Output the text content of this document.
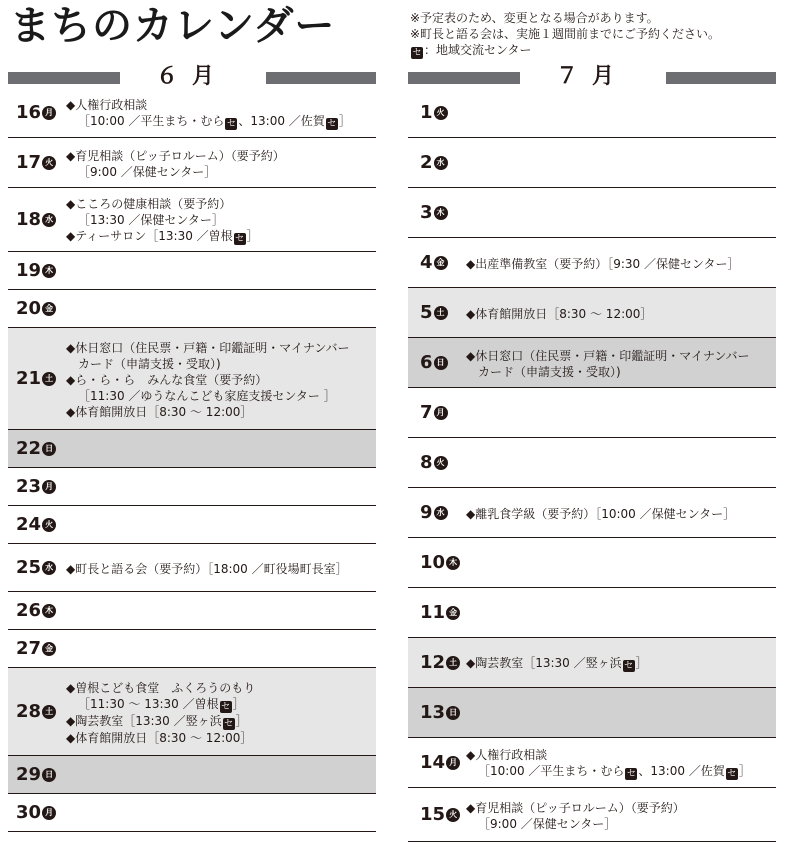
まちのカレンダー	※予定表のため、変更となる場合があります。
※町長と語る会は、実施１週間前までにご予約ください。
セ ：地域交流センター
６月
16 月 ◆人権行政相談
［10:00 ／平生まち・むら セ 、13:00 ／佐賀 セ ］
17 火 ◆育児相談（ピッ子ロルーム）（要予約）
［9:00 ／保健センター］
18 水
◆こころの健康相談（要予約）
［13:30 ／保健センター］
◆ティーサロン［13:30 ／曽根 セ ］
19 木
20 金
21 土
◆休日窓口（住民票・戸籍・印鑑証明・マイナンバー
カード（申請支援・受取）)
◆ら・ら・ら　みんな食堂（要予約）
［11:30 ／ゆうなんこども家庭支援センター ］
◆体育館開放日［8:30 ～ 12:00］
22 日
23 月
24 火
25 水 ◆町長と語る会（要予約）［18:00 ／町役場町長室］
26 木
27 金
28 土
◆曽根こども食堂　ふくろうのもり
［11:30 ～ 13:30 ／曽根 セ ］
◆陶芸教室［13:30 ／竪ヶ浜 セ ］
◆体育館開放日［8:30 ～ 12:00］
29 日
30 月
７月
1 火
2 水
3 木
4 金 ◆出産準備教室（要予約）［9:30 ／保健センター］
5 土 ◆体育館開放日［8:30 ～ 12:00］
6 日 ◆休日窓口（住民票・戸籍・印鑑証明・マイナンバー
カード（申請支援・受取）)
7 月
8 火
9 水 ◆離乳食学級（要予約）［10:00 ／保健センター］
10 木
11 金
12 土 ◆陶芸教室［13:30 ／竪ヶ浜 セ ］
13 日
14 月 ◆人権行政相談
［10:00 ／平生まち・むら セ 、13:00 ／佐賀 セ ］
15 火 ◆育児相談（ピッ子ロルーム）（要予約）
［9:00 ／保健センター］
